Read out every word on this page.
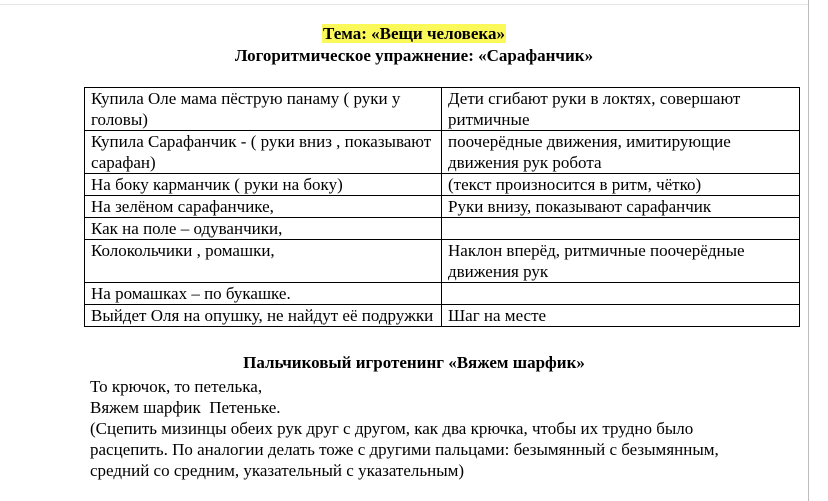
Тема: «Вещи человека»
Логоритмическое упражнение: «Сарафанчик»
Купила Оле мама пёструю панаму ( руки у головы)	Дети сгибают руки в локтях, совершают ритмичные
Купила Сарафанчик - ( руки вниз , показывают сарафан)	поочерёдные движения, имитирующие движения рук робота
На боку карманчик ( руки на боку)	(текст произносится в ритм, чётко)
На зелёном сарафанчике,	Руки внизу, показывают сарафанчик
Как на поле – одуванчики,	
Колокольчики , ромашки,	Наклон вперёд, ритмичные поочерёдные движения рук
На ромашках – по букашке.	
Выйдет Оля на опушку, не найдут её подружки	Шаг на месте
Пальчиковый игротенинг «Вяжем шарфик»
То крючок, то петелька,
Вяжем шарфик  Петеньке.
(Сцепить мизинцы обеих рук друг с другом, как два крючка, чтобы их трудно было расцепить. По аналогии делать тоже с другими пальцами: безымянный с безымянным, средний со средним, указательный с указательным)
